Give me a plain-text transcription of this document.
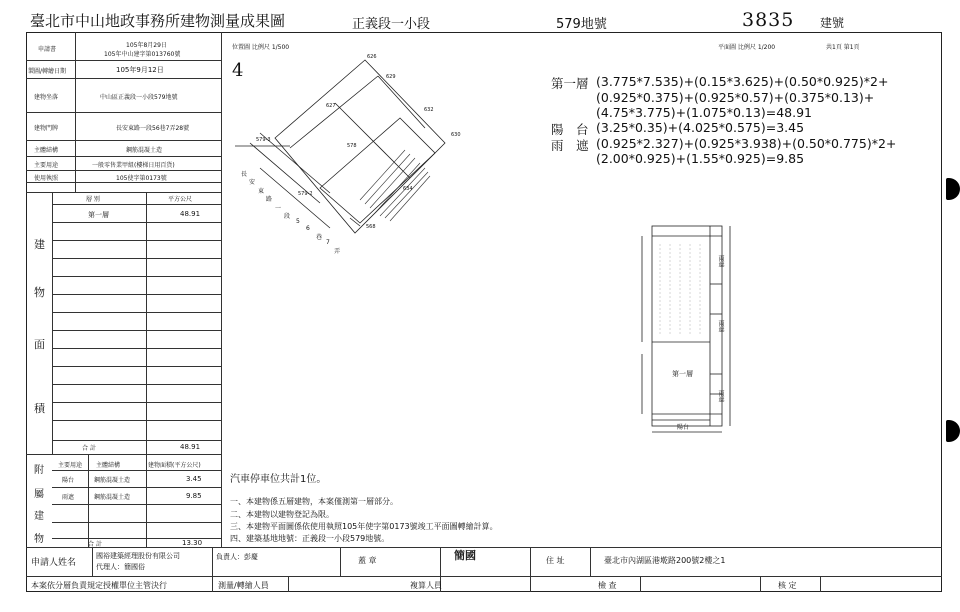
臺北市中山地政事務所建物測量成果圖	正義段一小段	579地號	3835 建號
申請書
105年8月29日
105年中山建字第013760號
製圖/轉繪日期	105年9月12日
建物坐落	中山區正義段一小段579地號
建物門牌	長安東路一段56巷7弄28號
主體結構	鋼筋混凝土造
主要用途	一般零售業甲組(樓梯日用百貨)
使用執照	105使字第0173號
層 別	平方公尺
第一層	48.91
建
物
面
積
合 計	48.91
主要用途 主體結構	建物面積(平方公尺)
陽台	鋼筋混凝土造	3.45
雨遮	鋼筋混凝土造	9.85
附
屬
建
物	合 計	13.30
位置圖 比例尺 1/500
4
626
629
627
632
630
579-3
578
579-2
634
568
長
安
東
路
一
段
5
6
巷
7
弄
平面圖 比例尺 1/200	共1頁 第1頁
第一層 (3.775*7.535)+(0.15*3.625)+(0.50*0.925)*2+
(0.925*0.375)+(0.925*0.57)+(0.375*0.13)+
(4.75*3.775)+(1.075*0.13)=48.91
陽　台 (3.25*0.35)+(4.025*0.575)=3.45
雨　遮 (0.925*2.327)+(0.925*3.938)+(0.50*0.775)*2+
(2.00*0.925)+(1.55*0.925)=9.85
第一層
雨遮
雨遮
雨遮
陽台
汽車停車位共計1位。
一、本建物係五層建物，本案僅測第一層部分。
二、本建物以建物登記為限。
三、本建物平面圖係依使用執照105年使字第0173號竣工平面圖轉繪計算。
四、建築基地地號：正義段一小段579地號。
申請人姓名
國裕建築經理股份有限公司
代理人：簡國俗
負責人：彭慶	蓋 章	簡國	住 址	臺北市內湖區港墘路200號2樓之1
本案依分層負責規定授權單位主管決行	測量/轉繪人員	複算人員	檢 查	核 定
